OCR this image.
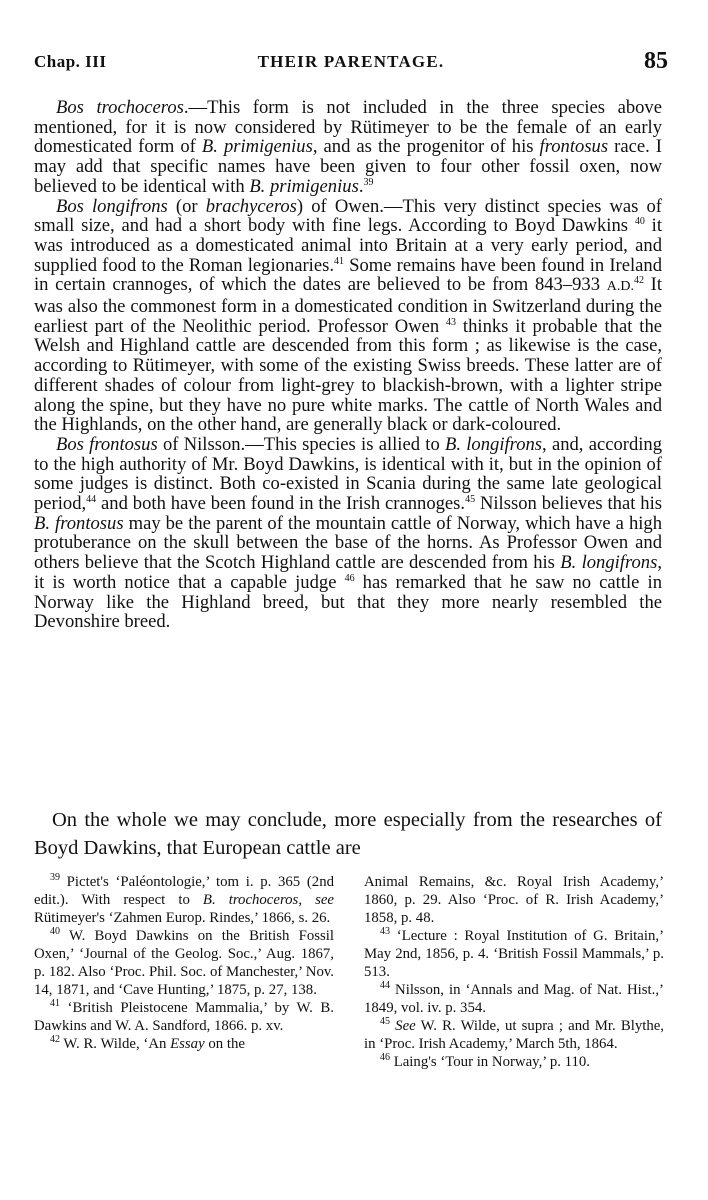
Chap. III	THEIR PARENTAGE.	85

Bos trochoceros.—This form is not included in the three species above mentioned, for it is now considered by Rütimeyer to be the female of an early domesticated form of B. primigenius, and as the progenitor of his frontosus race. I may add that specific names have been given to four other fossil oxen, now believed to be identical with B. primigenius.$^{39}$

Bos longifrons (or brachyceros) of Owen.—This very distinct species was of small size, and had a short body with fine legs. According to Boyd Dawkins $^{40}$ it was introduced as a domesticated animal into Britain at a very early period, and supplied food to the Roman legionaries.$^{41}$ Some remains have been found in Ireland in certain crannoges, of which the dates are believed to be from 843–933 A.D.$^{42}$ It was also the commonest form in a domesticated condition in Switzerland during the earliest part of the Neolithic period. Professor Owen $^{43}$ thinks it probable that the Welsh and Highland cattle are descended from this form ; as likewise is the case, according to Rütimeyer, with some of the existing Swiss breeds. These latter are of different shades of colour from light-grey to blackish-brown, with a lighter stripe along the spine, but they have no pure white marks. The cattle of North Wales and the Highlands, on the other hand, are generally black or dark-coloured.

Bos frontosus of Nilsson.—This species is allied to B. longifrons, and, according to the high authority of Mr. Boyd Dawkins, is identical with it, but in the opinion of some judges is distinct. Both co-existed in Scania during the same late geological period,$^{44}$ and both have been found in the Irish crannoges.$^{45}$ Nilsson believes that his B. frontosus may be the parent of the mountain cattle of Norway, which have a high protuberance on the skull between the base of the horns. As Professor Owen and others believe that the Scotch Highland cattle are descended from his B. longifrons, it is worth notice that a capable judge $^{46}$ has remarked that he saw no cattle in Norway like the Highland breed, but that they more nearly resembled the Devonshire breed.

On the whole we may conclude, more especially from the researches of Boyd Dawkins, that European cattle are

$^{39}$ Pictet's ‘Paléontologie,’ tom i. p. 365 (2nd edit.). With respect to B. trochoceros, see Rütimeyer's ‘Zahmen Europ. Rindes,’ 1866, s. 26.

$^{40}$ W. Boyd Dawkins on the British Fossil Oxen,’ ‘Journal of the Geolog. Soc.,’ Aug. 1867, p. 182. Also ‘Proc. Phil. Soc. of Manchester,’ Nov. 14, 1871, and ‘Cave Hunting,’ 1875, p. 27, 138.

$^{41}$ ‘British Pleistocene Mammalia,’ by W. B. Dawkins and W. A. Sandford, 1866. p. xv.

$^{42}$ W. R. Wilde, ‘An Essay on the

Animal Remains, &c. Royal Irish Academy,’ 1860, p. 29. Also ‘Proc. of R. Irish Academy,’ 1858, p. 48.

$^{43}$ ‘Lecture : Royal Institution of G. Britain,’ May 2nd, 1856, p. 4. ‘British Fossil Mammals,’ p. 513.

$^{44}$ Nilsson, in ‘Annals and Mag. of Nat. Hist.,’ 1849, vol. iv. p. 354.

$^{45}$ See W. R. Wilde, ut supra ; and Mr. Blythe, in ‘Proc. Irish Academy,’ March 5th, 1864.

$^{46}$ Laing's ‘Tour in Norway,’ p. 110.
